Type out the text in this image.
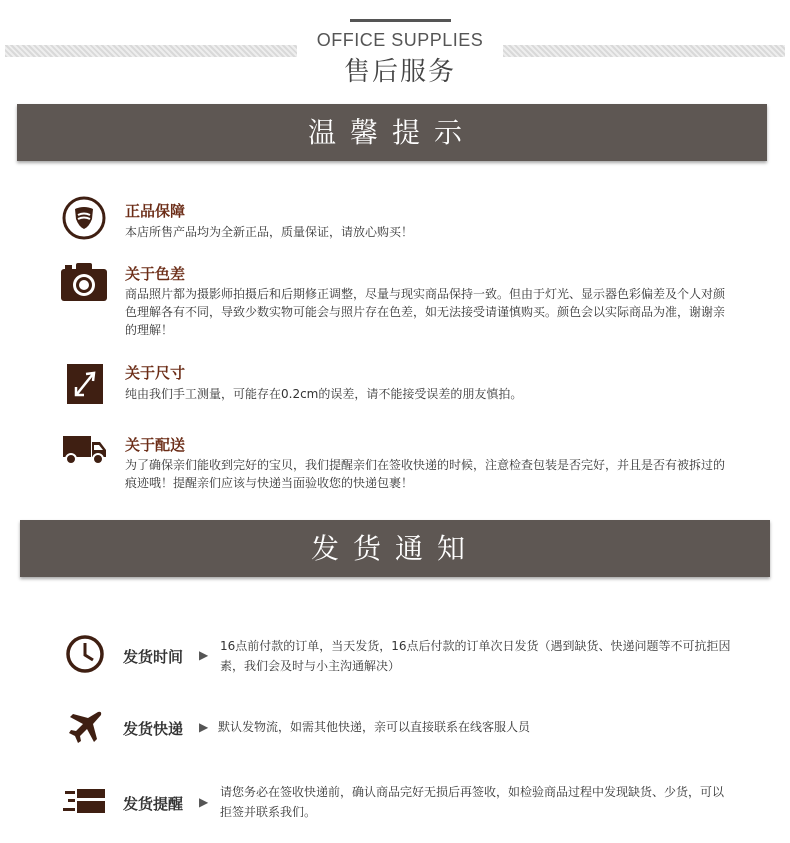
OFFICE SUPPLIES
售后服务
温馨提示
正品保障
本店所售产品均为全新正品，质量保证，请放心购买！
关于色差
商品照片都为摄影师拍摄后和后期修正调整，尽量与现实商品保持一致。但由于灯光、显示器色彩偏差及个人对颜色理解各有不同，导致少数实物可能会与照片存在色差，如无法接受请谨慎购买。颜色会以实际商品为准，谢谢亲的理解！
关于尺寸
纯由我们手工测量，可能存在0.2cm的误差，请不能接受误差的朋友慎拍。
关于配送
为了确保亲们能收到完好的宝贝，我们提醒亲们在签收快递的时候，注意检查包装是否完好，并且是否有被拆过的痕迹哦！提醒亲们应该与快递当面验收您的快递包裹！
发货通知
发货时间 ▶
16点前付款的订单，当天发货，16点后付款的订单次日发货（遇到缺货、快递问题等不可抗拒因素，我们会及时与小主沟通解决）
发货快递 ▶ 默认发物流，如需其他快递，亲可以直接联系在线客服人员
发货提醒 ▶
请您务必在签收快递前，确认商品完好无损后再签收，如检验商品过程中发现缺货、少货，可以拒签并联系我们。
